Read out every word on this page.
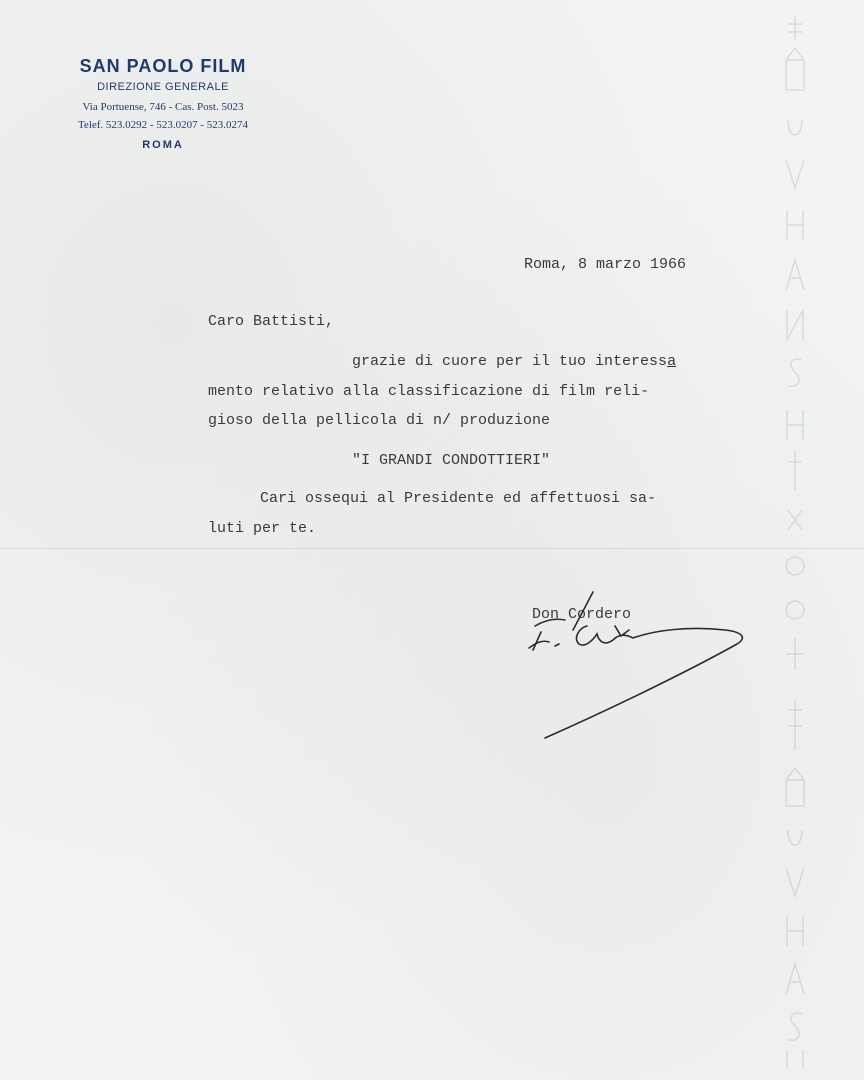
SAN PAOLO FILM
DIREZIONE GENERALE
Via Portuense, 746 - Cas. Post. 5023
Telef. 523.0292 - 523.0207 - 523.0274
ROMA
Roma, 8 marzo 1966
Caro Battisti,
grazie di cuore per il tuo interessa
mento relativo alla classificazione di film reli-
gioso della pellicola di n/ produzione
"I GRANDI CONDOTTIERI"
Cari ossequi al Presidente ed affettuosi sa-
luti per te.
Don Cordero
